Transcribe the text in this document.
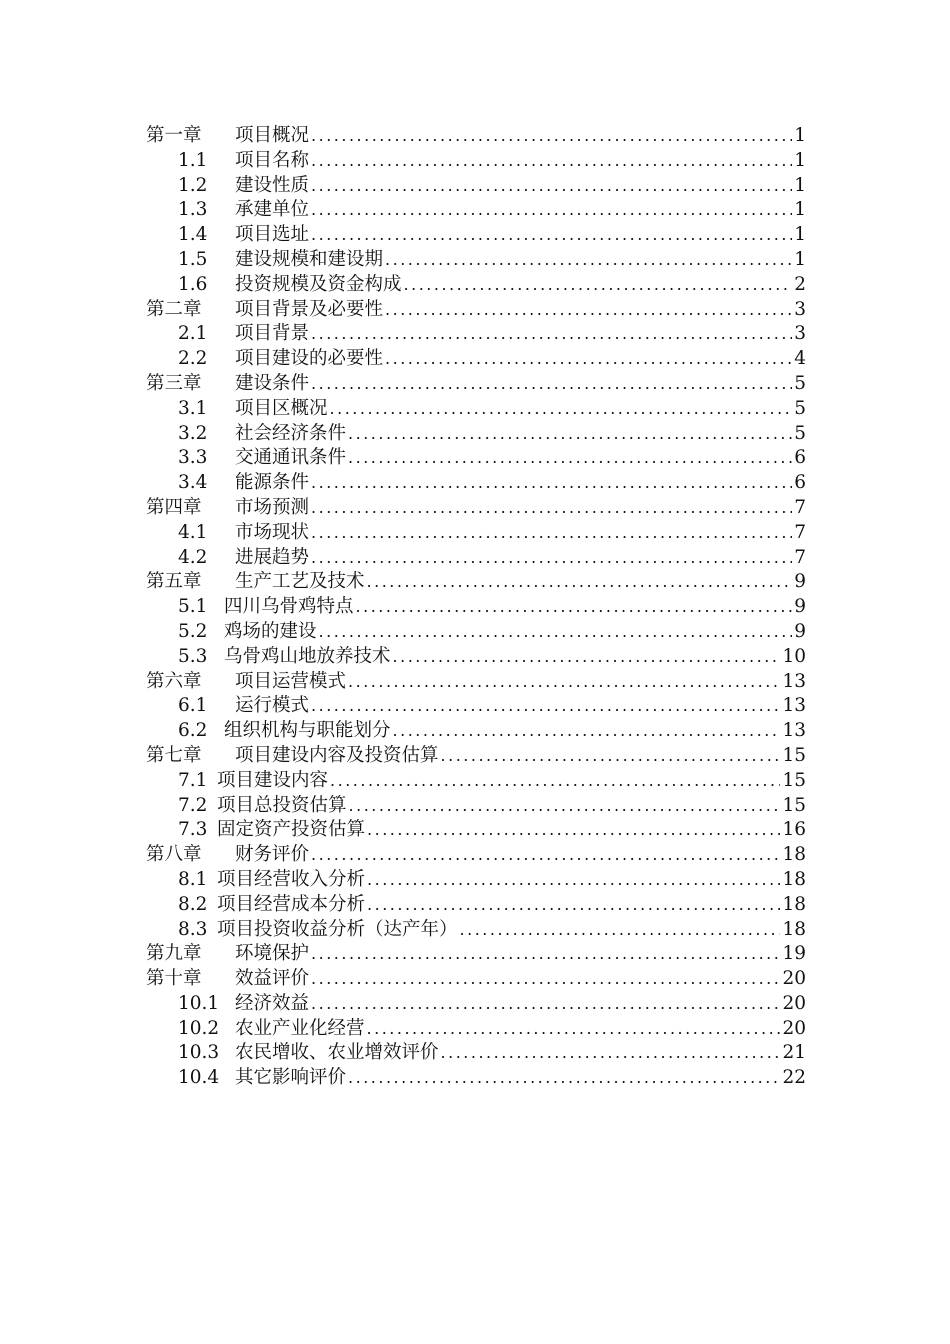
第一章	项目概况 .....	1
1.1	项目名称 .....	1
1.2	建设性质 .....	1
1.3	承建单位 .....	1
1.4	项目选址 .....	1
1.5	建设规模和建设期 .....	1
1.6	投资规模及资金构成 .....	2
第二章	项目背景及必要性 .....	3
2.1	项目背景 .....	3
2.2	项目建设的必要性 .....	4
第三章	建设条件 .....	5
3.1	项目区概况 .....	5
3.2	社会经济条件 .....	5
3.3	交通通讯条件 .....	6
3.4	能源条件 .....	6
第四章	市场预测 .....	7
4.1	市场现状 .....	7
4.2	进展趋势 .....	7
第五章	生产工艺及技术 .....	9
5.1 四川乌骨鸡特点 .....	9
5.2 鸡场的建设 .....	9
5.3 乌骨鸡山地放养技术 .....	10
第六章	项目运营模式 .....	13
6.1	运行模式 .....	13
6.2 组织机构与职能划分 .....	13
第七章	项目建设内容及投资估算 .....	15
7.1 项目建设内容 .....	15
7.2 项目总投资估算 .....	15
7.3 固定资产投资估算 .....	16
第八章	财务评价 .....	18
8.1 项目经营收入分析 .....	18
8.2 项目经营成本分析 .....	18
8.3 项目投资收益分析（达产年） .....	18
第九章	环境保护 .....	19
第十章	效益评价 .....	20
10.1 经济效益 .....	20
10.2 农业产业化经营 .....	20
10.3 农民增收、农业增效评价 .....	21
10.4 其它影响评价 .....	22
